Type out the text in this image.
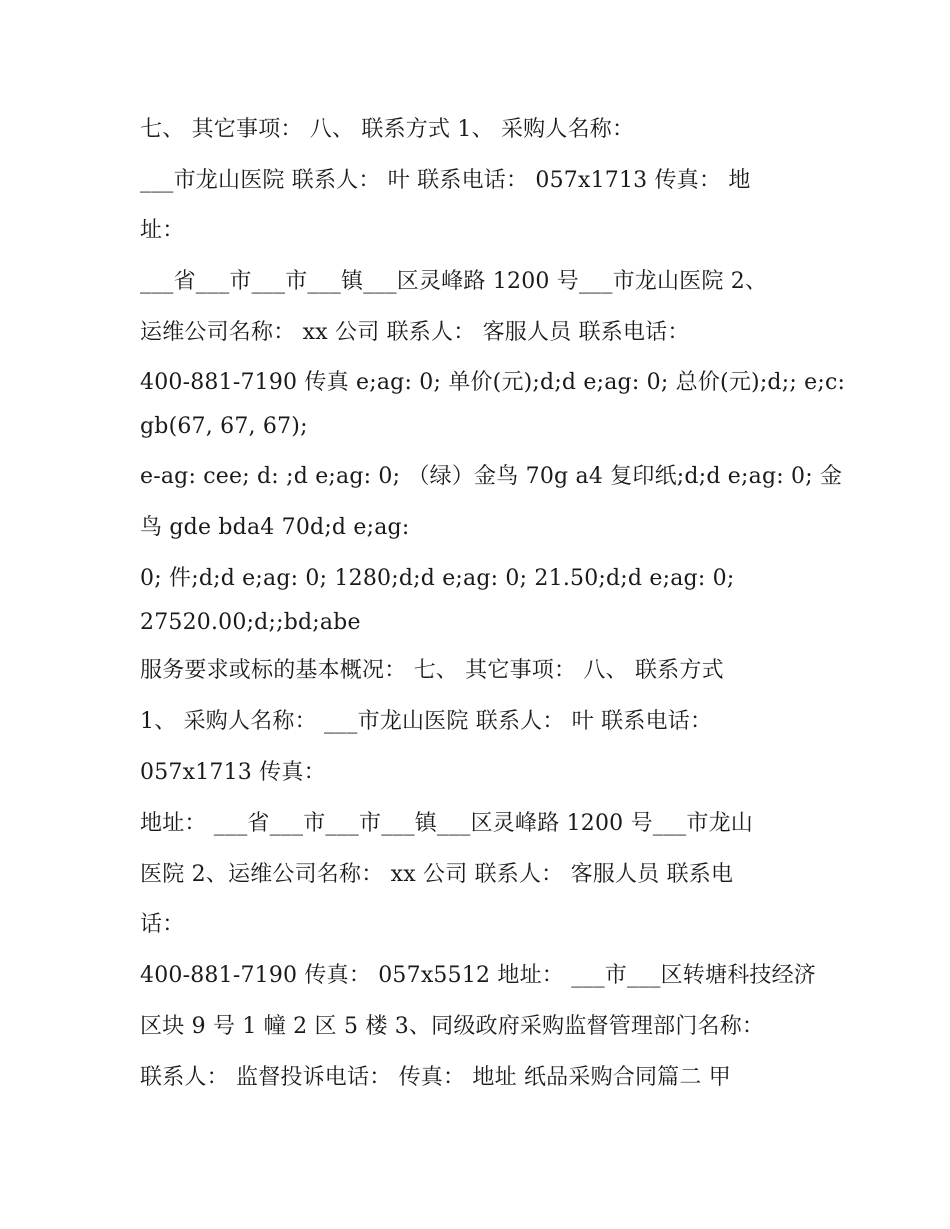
七、 其它事项： 八、 联系方式 1、 采购人名称：

___市龙山医院 联系人： 叶 联系电话： 057x1713 传真： 地

址：

___省___市___市___镇___区灵峰路 1200 号___市龙山医院 2、

运维公司名称： xx 公司 联系人： 客服人员 联系电话：

400-881-7190 传真 e;ag: 0; 单价(元);d;d e;ag: 0; 总价(元);d;; e;c:

gb(67, 67, 67);

e-ag: cee; d: ;d e;ag: 0; （绿）金鸟 70g a4 复印纸;d;d e;ag: 0; 金

鸟 gde bda4 70d;d e;ag:

0; 件;d;d e;ag: 0; 1280;d;d e;ag: 0; 21.50;d;d e;ag: 0;

27520.00;d;;bd;abe

服务要求或标的基本概况： 七、 其它事项： 八、 联系方式

1、 采购人名称： ___市龙山医院 联系人： 叶 联系电话：

057x1713 传真：

地址： ___省___市___市___镇___区灵峰路 1200 号___市龙山

医院 2、运维公司名称： xx 公司 联系人： 客服人员 联系电

话：

400-881-7190 传真： 057x5512 地址： ___市___区转塘科技经济

区块 9 号 1 幢 2 区 5 楼 3、同级政府采购监督管理部门名称：

联系人： 监督投诉电话： 传真： 地址 纸品采购合同篇二 甲
